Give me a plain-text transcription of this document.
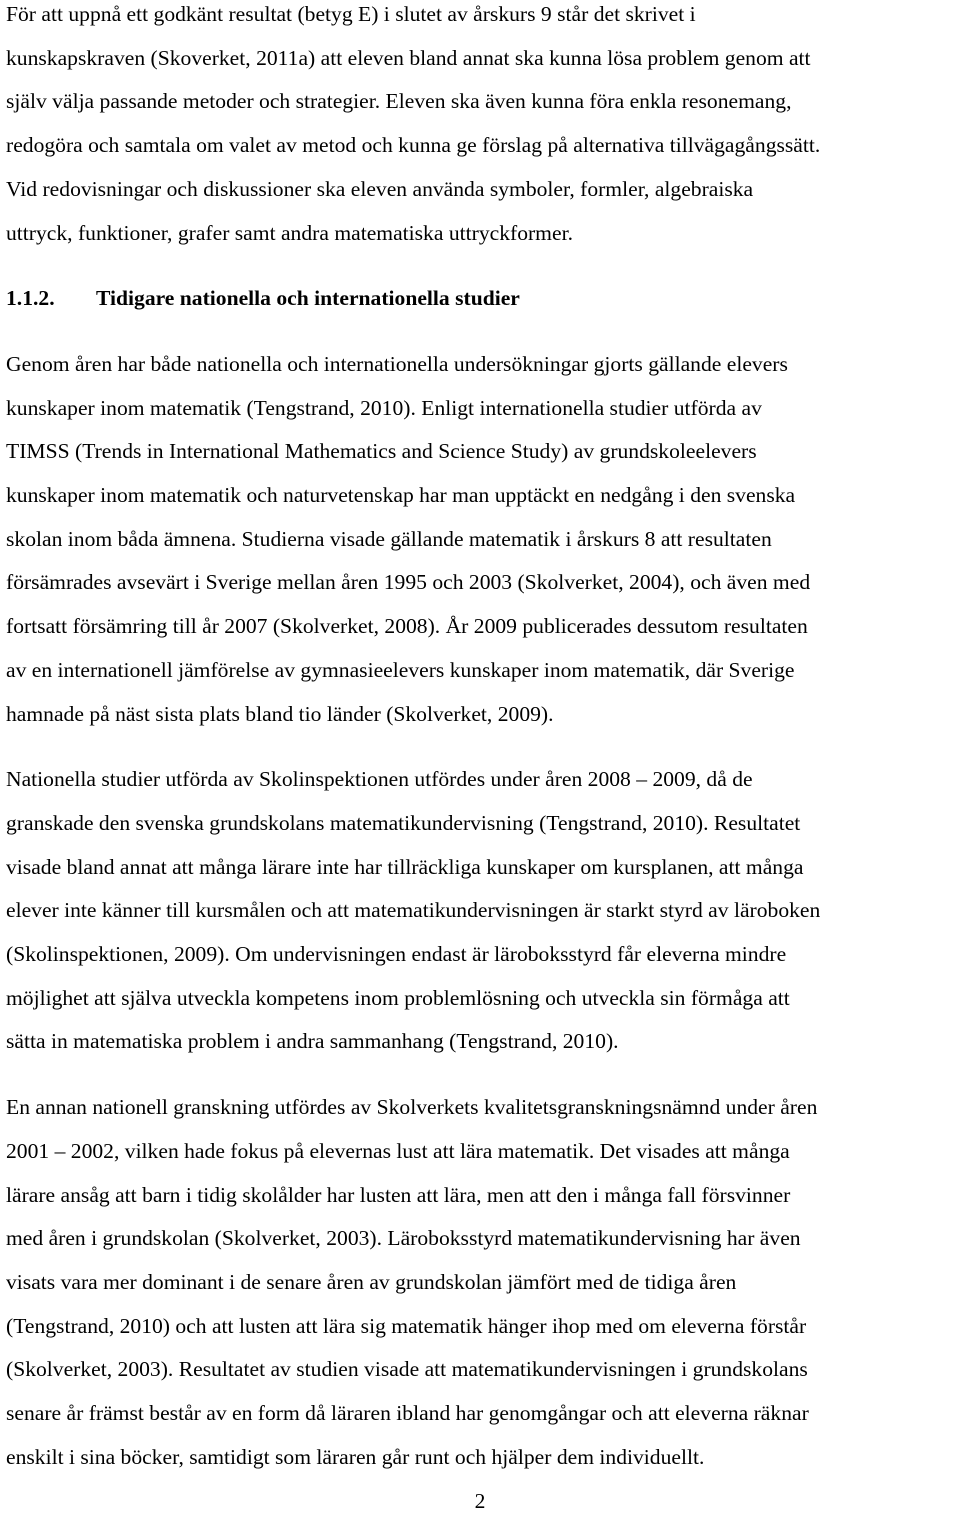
För att uppnå ett godkänt resultat (betyg E) i slutet av årskurs 9 står det skrivet i
kunskapskraven (Skoverket, 2011a) att eleven bland annat ska kunna lösa problem genom att
själv välja passande metoder och strategier. Eleven ska även kunna föra enkla resonemang,
redogöra och samtala om valet av metod och kunna ge förslag på alternativa tillvägagångssätt.
Vid redovisningar och diskussioner ska eleven använda symboler, formler, algebraiska
uttryck, funktioner, grafer samt andra matematiska uttryckformer.

1.1.2. Tidigare nationella och internationella studier

Genom åren har både nationella och internationella undersökningar gjorts gällande elevers
kunskaper inom matematik (Tengstrand, 2010). Enligt internationella studier utförda av
TIMSS (Trends in International Mathematics and Science Study) av grundskoleelevers
kunskaper inom matematik och naturvetenskap har man upptäckt en nedgång i den svenska
skolan inom båda ämnena. Studierna visade gällande matematik i årskurs 8 att resultaten
försämrades avsevärt i Sverige mellan åren 1995 och 2003 (Skolverket, 2004), och även med
fortsatt försämring till år 2007 (Skolverket, 2008). År 2009 publicerades dessutom resultaten
av en internationell jämförelse av gymnasieelevers kunskaper inom matematik, där Sverige
hamnade på näst sista plats bland tio länder (Skolverket, 2009).

Nationella studier utförda av Skolinspektionen utfördes under åren 2008 – 2009, då de
granskade den svenska grundskolans matematikundervisning (Tengstrand, 2010). Resultatet
visade bland annat att många lärare inte har tillräckliga kunskaper om kursplanen, att många
elever inte känner till kursmålen och att matematikundervisningen är starkt styrd av läroboken
(Skolinspektionen, 2009). Om undervisningen endast är läroboksstyrd får eleverna mindre
möjlighet att själva utveckla kompetens inom problemlösning och utveckla sin förmåga att
sätta in matematiska problem i andra sammanhang (Tengstrand, 2010).

En annan nationell granskning utfördes av Skolverkets kvalitetsgranskningsnämnd under åren
2001 – 2002, vilken hade fokus på elevernas lust att lära matematik. Det visades att många
lärare ansåg att barn i tidig skolålder har lusten att lära, men att den i många fall försvinner
med åren i grundskolan (Skolverket, 2003). Läroboksstyrd matematikundervisning har även
visats vara mer dominant i de senare åren av grundskolan jämfört med de tidiga åren
(Tengstrand, 2010) och att lusten att lära sig matematik hänger ihop med om eleverna förstår
(Skolverket, 2003). Resultatet av studien visade att matematikundervisningen i grundskolans
senare år främst består av en form då läraren ibland har genomgångar och att eleverna räknar
enskilt i sina böcker, samtidigt som läraren går runt och hjälper dem individuellt.

2
